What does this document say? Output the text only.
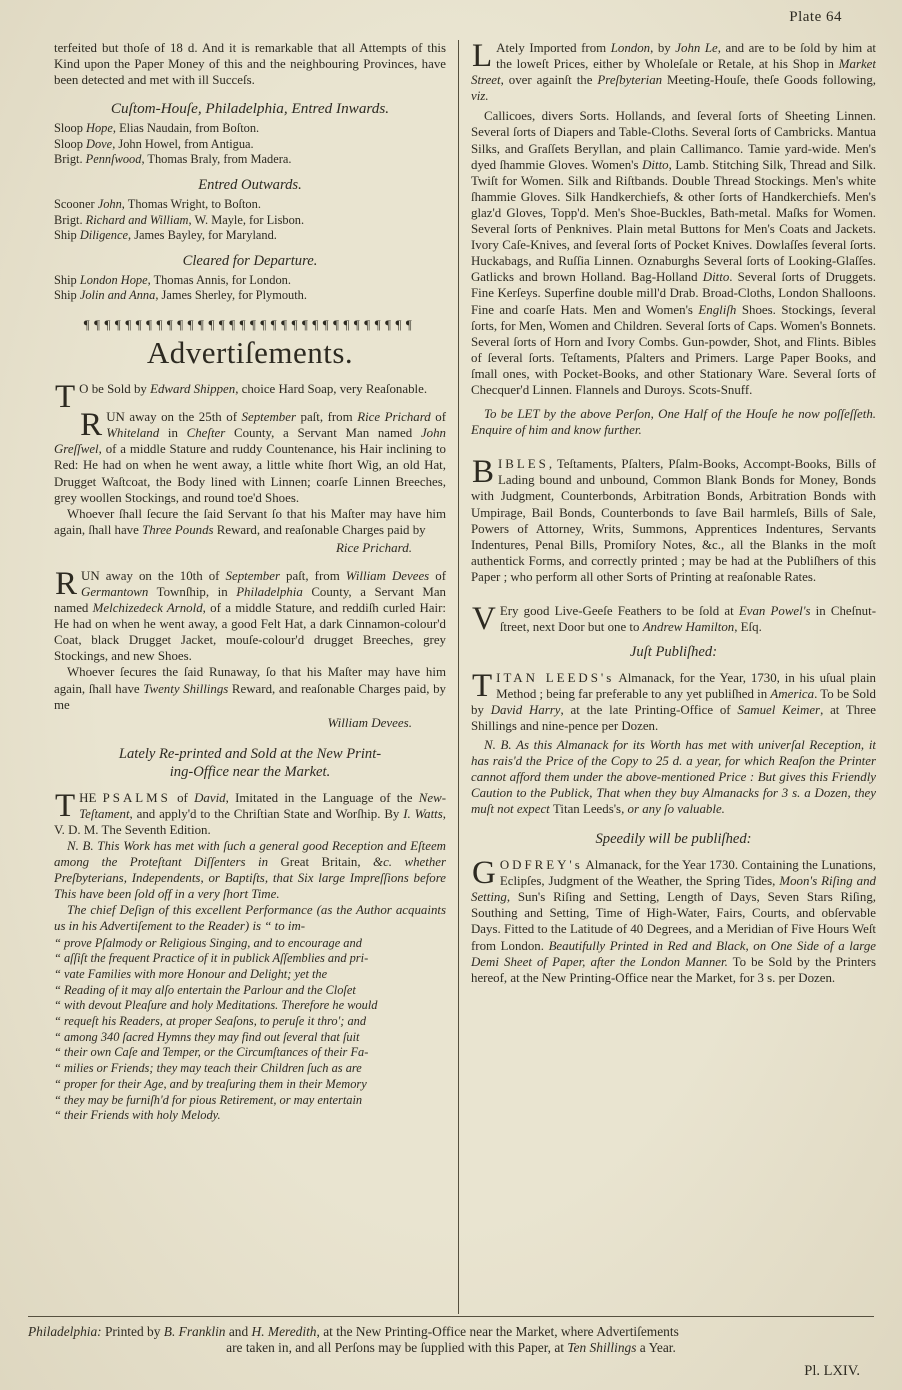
Plate 64

terfeited but thoſe of 18 d. And it is remarkable that all Attempts of this Kind upon the Paper Money of this and the neighbouring Provinces, have been detected and met with ill Succeſs.

Cuſtom-Houſe, Philadelphia, Entred Inwards.
Sloop Hope, Elias Naudain, from Boſton.
Sloop Dove, John Howel, from Antigua.
Brigt. Pennſwood, Thomas Braly, from Madera.
Entred Outwards.
Scooner John, Thomas Wright, to Boſton.
Brigt. Richard and William, W. Mayle, for Lisbon.
Ship Diligence, James Bayley, for Maryland.
Cleared for Departure.
Ship London Hope, Thomas Annis, for London.
Ship Jolin and Anna, James Sherley, for Plymouth.
¶¶¶¶¶¶¶¶¶¶¶¶¶¶¶¶¶¶¶¶¶¶¶¶¶¶¶¶¶¶¶¶
Advertiſements.

T O be Sold by Edward Shippen, choice Hard Soap, very Reaſonable.

RUN away on the 25th of September paſt, from Rice Prichard of Whiteland in Cheſter County, a Servant Man named John Greſſwel, of a middle Stature and ruddy Countenance, his Hair inclining to Red: He had on when he went away, a little white ſhort Wig, an old Hat, Drugget Waſtcoat, the Body lined with Linnen; coarſe Linnen Breeches, grey woollen Stockings, and round toe'd Shoes.

Whoever ſhall ſecure the ſaid Servant ſo that his Maſter may have him again, ſhall have Three Pounds Reward, and reaſonable Charges paid by

Rice Prichard.

RUN away on the 10th of September paſt, from William Devees of Germantown Townſhip, in Philadelphia County, a Servant Man named Melchizedeck Arnold, of a middle Stature, and reddiſh curled Hair: He had on when he went away, a good Felt Hat, a dark Cinnamon-colour'd Coat, black Drugget Jacket, mouſe-colour'd drugget Breeches, grey Stockings, and new Shoes.

Whoever ſecures the ſaid Runaway, ſo that his Maſter may have him again, ſhall have Twenty Shillings Reward, and reaſonable Charges paid, by me

William Devees.
Lately Re-printed and Sold at the New Print-
ing-Office near the Market.

THE PSALMS of David, Imitated in the Language of the New-Teſtament, and apply'd to the Chriſtian State and Worſhip. By I. Watts, V. D. M. The Seventh Edition.

N. B. This Work has met with ſuch a general good Reception and Eſteem among the Proteſtant Diſſenters in Great Britain, &c. whether Preſbyterians, Independents, or Baptiſts, that Six large Impreſſions before This have been ſold off in a very ſhort Time.

The chief Deſign of this excellent Performance (as the Author acquaints us in his Advertiſement to the Reader) is “ to im-

“ prove Pſalmody or Religious Singing, and to encourage and
“ aſſiſt the frequent Practice of it in publick Aſſemblies and pri-
“ vate Families with more Honour and Delight; yet the
“ Reading of it may alſo entertain the Parlour and the Cloſet
“ with devout Pleaſure and holy Meditations. Therefore he would
“ requeſt his Readers, at proper Seaſons, to peruſe it thro'; and
“ among 340 ſacred Hymns they may find out ſeveral that ſuit
“ their own Caſe and Temper, or the Circumſtances of their Fa-
“ milies or Friends; they may teach their Children ſuch as are
“ proper for their Age, and by treaſuring them in their Memory
“ they may be furniſh'd for pious Retirement, or may entertain
“ their Friends with holy Melody.

L Ately Imported from London, by John Le, and are to be ſold by him at the loweſt Prices, either by Wholeſale or Retale, at his Shop in Market Street, over againſt the Preſbyterian Meeting-Houſe, theſe Goods following, viz.

Callicoes, divers Sorts. Hollands, and ſeveral ſorts of Sheeting Linnen. Several ſorts of Diapers and Table-Cloths. Several ſorts of Cambricks. Mantua Silks, and Graſſets Beryllan, and plain Callimanco. Tamie yard-wide. Men's dyed ſhammie Gloves. Women's Ditto, Lamb. Stitching Silk, Thread and Silk. Twiſt for Women. Silk and Riſtbands. Double Thread Stockings. Men's white ſhammie Gloves. Silk Handkerchiefs, & other ſorts of Handkerchiefs. Men's glaz'd Gloves, Topp'd. Men's Shoe-Buckles, Bath-metal. Maſks for Women. Several ſorts of Penknives. Plain metal Buttons for Men's Coats and Jackets. Ivory Caſe-Knives, and ſeveral ſorts of Pocket Knives. Dowlaſſes ſeveral ſorts. Huckabags, and Ruſſia Linnen. Oznaburghs Several ſorts of Looking-Glaſſes. Gatlicks and brown Holland. Bag-Holland Ditto. Several ſorts of Druggets. Fine Kerſeys. Superfine double mill'd Drab. Broad-Cloths, London Shalloons. Fine and coarſe Hats. Men and Women's Engliſh Shoes. Stockings, ſeveral ſorts, for Men, Women and Children. Several ſorts of Caps. Women's Bonnets. Several ſorts of Horn and Ivory Combs. Gun-powder, Shot, and Flints. Bibles of ſeveral ſorts. Teſtaments, Pſalters and Primers. Large Paper Books, and ſmall ones, with Pocket-Books, and other Stationary Ware. Several ſorts of Checquer'd Linnen. Flannels and Duroys. Scots-Snuff.

To be LET by the above Perſon, One Half of the Houſe he now poſſeſſeth. Enquire of him and know further.

BIBLES, Teſtaments, Pſalters, Pſalm-Books, Accompt-Books, Bills of Lading bound and unbound, Common Blank Bonds for Money, Bonds with Judgment, Counterbonds, Arbitration Bonds, Arbitration Bonds with Umpirage, Bail Bonds, Counterbonds to ſave Bail harmleſs, Bills of Sale, Powers of Attorney, Writs, Summons, Apprentices Indentures, Servants Indentures, Penal Bills, Promiſory Notes, &c., all the Blanks in the moſt authentick Forms, and correctly printed ; may be had at the Publiſhers of this Paper ; who perform all other Sorts of Printing at reaſonable Rates.

V Ery good Live-Geeſe Feathers to be ſold at Evan Powel's in Cheſnut-ſtreet, next Door but one to Andrew Hamilton, Eſq.

Juſt Publiſhed:

TITAN LEEDS's Almanack, for the Year, 1730, in his uſual plain Method ; being far preferable to any yet publiſhed in America. To be Sold by David Harry, at the late Printing-Office of Samuel Keimer, at Three Shillings and nine-pence per Dozen.

N. B. As this Almanack for its Worth has met with univerſal Reception, it has rais'd the Price of the Copy to 25 d. a year, for which Reaſon the Printer cannot afford them under the above-mentioned Price : But gives this Friendly Caution to the Publick, That when they buy Almanacks for 3 s. a Dozen, they muſt not expect Titan Leeds's, or any ſo valuable.

Speedily will be publiſhed:

GODFREY's Almanack, for the Year 1730. Containing the Lunations, Eclipſes, Judgment of the Weather, the Spring Tides, Moon's Riſing and Setting, Sun's Riſing and Setting, Length of Days, Seven Stars Riſing, Southing and Setting, Time of High-Water, Fairs, Courts, and obſervable Days. Fitted to the Latitude of 40 Degrees, and a Meridian of Five Hours Weſt from London. Beautifully Printed in Red and Black, on One Side of a large Demi Sheet of Paper, after the London Manner. To be Sold by the Printers hereof, at the New Printing-Office near the Market, for 3 s. per Dozen.

Philadelphia: Printed by B. Franklin and H. Meredith, at the New Printing-Office near the Market, where Advertiſements
are taken in, and all Perſons may be ſupplied with this Paper, at Ten Shillings a Year.
Pl. LXIV.
